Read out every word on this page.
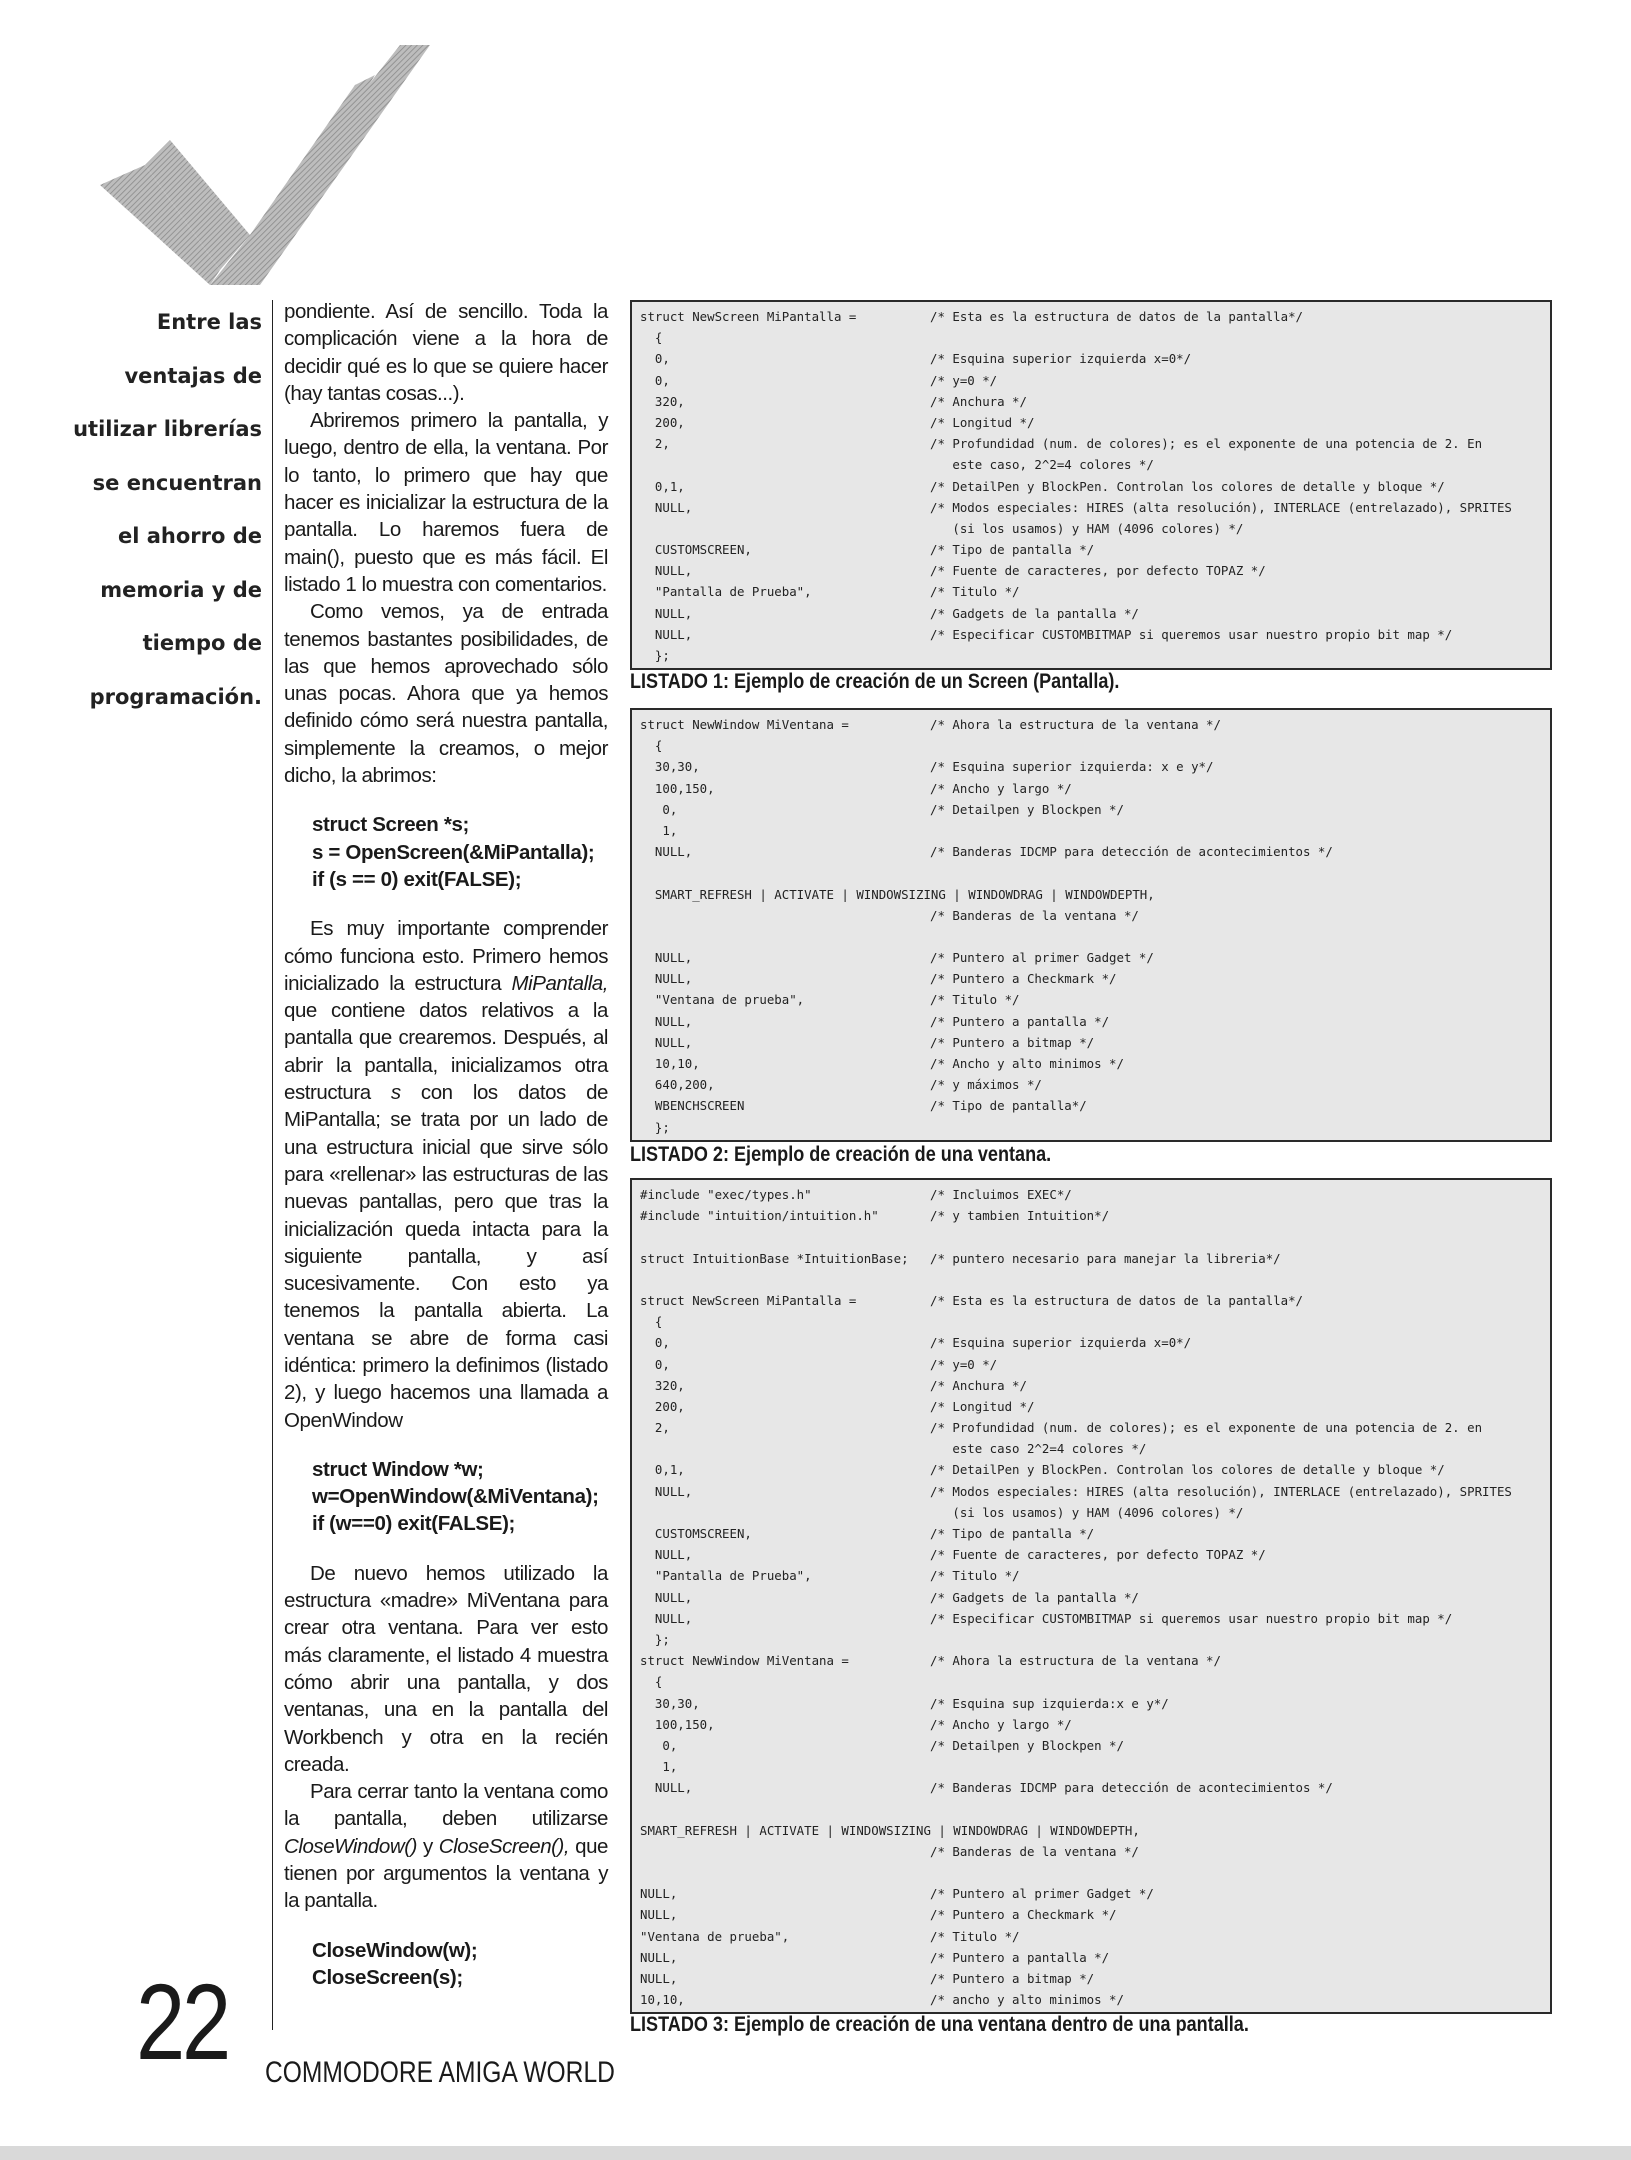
Entre las
ventajas de
utilizar librerías
se encuentran
el ahorro de
memoria y de
tiempo de
programación.

pondiente. Así de sencillo. Toda la complicación viene a la hora de decidir qué es lo que se quiere hacer (hay tantas cosas...).

Abriremos primero la pantalla, y luego, dentro de ella, la ventana. Por lo tanto, lo primero que hay que hacer es inicializar la estructura de la pantalla. Lo haremos fuera de main(), puesto que es más fácil. El listado 1 lo muestra con comentarios.

Como vemos, ya de entrada tenemos bastantes posibilidades, de las que hemos aprovechado sólo unas pocas. Ahora que ya hemos definido cómo será nuestra pantalla, simplemente la creamos, o mejor dicho, la abrimos:

struct Screen *s;
s = OpenScreen(&MiPantalla);
if (s == 0) exit(FALSE);

Es muy importante comprender cómo funciona esto. Primero hemos inicializado la estructura MiPantalla, que contiene datos relativos a la pantalla que crearemos. Después, al abrir la pantalla, inicializamos otra estructura s con los datos de MiPantalla; se trata por un lado de una estructura inicial que sirve sólo para «rellenar» las estructuras de las nuevas pantallas, pero que tras la inicialización queda intacta para la siguiente pantalla, y así sucesivamente. Con esto ya tenemos la pantalla abierta. La ventana se abre de forma casi idéntica: primero la definimos (listado 2), y luego hacemos una llamada a OpenWindow

struct Window *w;
w=OpenWindow(&MiVentana);
if (w==0) exit(FALSE);

De nuevo hemos utilizado la estructura «madre» MiVentana para crear otra ventana. Para ver esto más claramente, el listado 4 muestra cómo abrir una pantalla, y dos ventanas, una en la pantalla del Workbench y otra en la recién creada.

Para cerrar tanto la ventana como la pantalla, deben utilizarse CloseWindow() y CloseScreen(), que tienen por argumentos la ventana y la pantalla.

CloseWindow(w);
CloseScreen(s);
struct NewScreen MiPantalla =	/* Esta es la estructura de datos de la pantalla*/
{
0,	/* Esquina superior izquierda x=0*/
0,	/* y=0 */
320,	/* Anchura */
200,	/* Longitud */
2,	/* Profundidad (num. de colores); es el exponente de una potencia de 2. En
este caso, 2^2=4 colores */
0,1,	/* DetailPen y BlockPen. Controlan los colores de detalle y bloque */
NULL,	/* Modos especiales: HIRES (alta resolución), INTERLACE (entrelazado), SPRITES
(si los usamos) y HAM (4096 colores) */
CUSTOMSCREEN,	/* Tipo de pantalla */
NULL,	/* Fuente de caracteres, por defecto TOPAZ */
"Pantalla de Prueba",	/* Titulo */
NULL,	/* Gadgets de la pantalla */
NULL,	/* Especificar CUSTOMBITMAP si queremos usar nuestro propio bit map */
};
LISTADO 1: Ejemplo de creación de un Screen (Pantalla).
struct NewWindow MiVentana =	/* Ahora la estructura de la ventana */
{
30,30,	/* Esquina superior izquierda: x e y*/
100,150,	/* Ancho y largo */
0,	/* Detailpen y Blockpen */
1,
NULL,	/* Banderas IDCMP para detección de acontecimientos */
SMART_REFRESH | ACTIVATE | WINDOWSIZING | WINDOWDRAG | WINDOWDEPTH,
/* Banderas de la ventana */
NULL,	/* Puntero al primer Gadget */
NULL,	/* Puntero a Checkmark */
"Ventana de prueba",	/* Titulo */
NULL,	/* Puntero a pantalla */
NULL,	/* Puntero a bitmap */
10,10,	/* Ancho y alto minimos */
640,200,	/* y máximos */
WBENCHSCREEN	/* Tipo de pantalla*/
};
LISTADO 2: Ejemplo de creación de una ventana.
#include "exec/types.h"	/* Incluimos EXEC*/
#include "intuition/intuition.h"	/* y tambien Intuition*/
struct IntuitionBase *IntuitionBase; /* puntero necesario para manejar la libreria*/
struct NewScreen MiPantalla =	/* Esta es la estructura de datos de la pantalla*/
{
0,	/* Esquina superior izquierda x=0*/
0,	/* y=0 */
320,	/* Anchura */
200,	/* Longitud */
2,	/* Profundidad (num. de colores); es el exponente de una potencia de 2. en
este caso 2^2=4 colores */
0,1,	/* DetailPen y BlockPen. Controlan los colores de detalle y bloque */
NULL,	/* Modos especiales: HIRES (alta resolución), INTERLACE (entrelazado), SPRITES
(si los usamos) y HAM (4096 colores) */
CUSTOMSCREEN,	/* Tipo de pantalla */
NULL,	/* Fuente de caracteres, por defecto TOPAZ */
"Pantalla de Prueba",	/* Titulo */
NULL,	/* Gadgets de la pantalla */
NULL,	/* Especificar CUSTOMBITMAP si queremos usar nuestro propio bit map */
};
struct NewWindow MiVentana =	/* Ahora la estructura de la ventana */
{
30,30,	/* Esquina sup izquierda:x e y*/
100,150,	/* Ancho y largo */
0,	/* Detailpen y Blockpen */
1,
NULL,	/* Banderas IDCMP para detección de acontecimientos */
SMART_REFRESH | ACTIVATE | WINDOWSIZING | WINDOWDRAG | WINDOWDEPTH,
/* Banderas de la ventana */
NULL,	/* Puntero al primer Gadget */
NULL,	/* Puntero a Checkmark */
"Ventana de prueba",	/* Titulo */
NULL,	/* Puntero a pantalla */
NULL,	/* Puntero a bitmap */
10,10,	/* ancho y alto minimos */
LISTADO 3: Ejemplo de creación de una ventana dentro de una pantalla.
22 COMMODORE AMIGA WORLD
